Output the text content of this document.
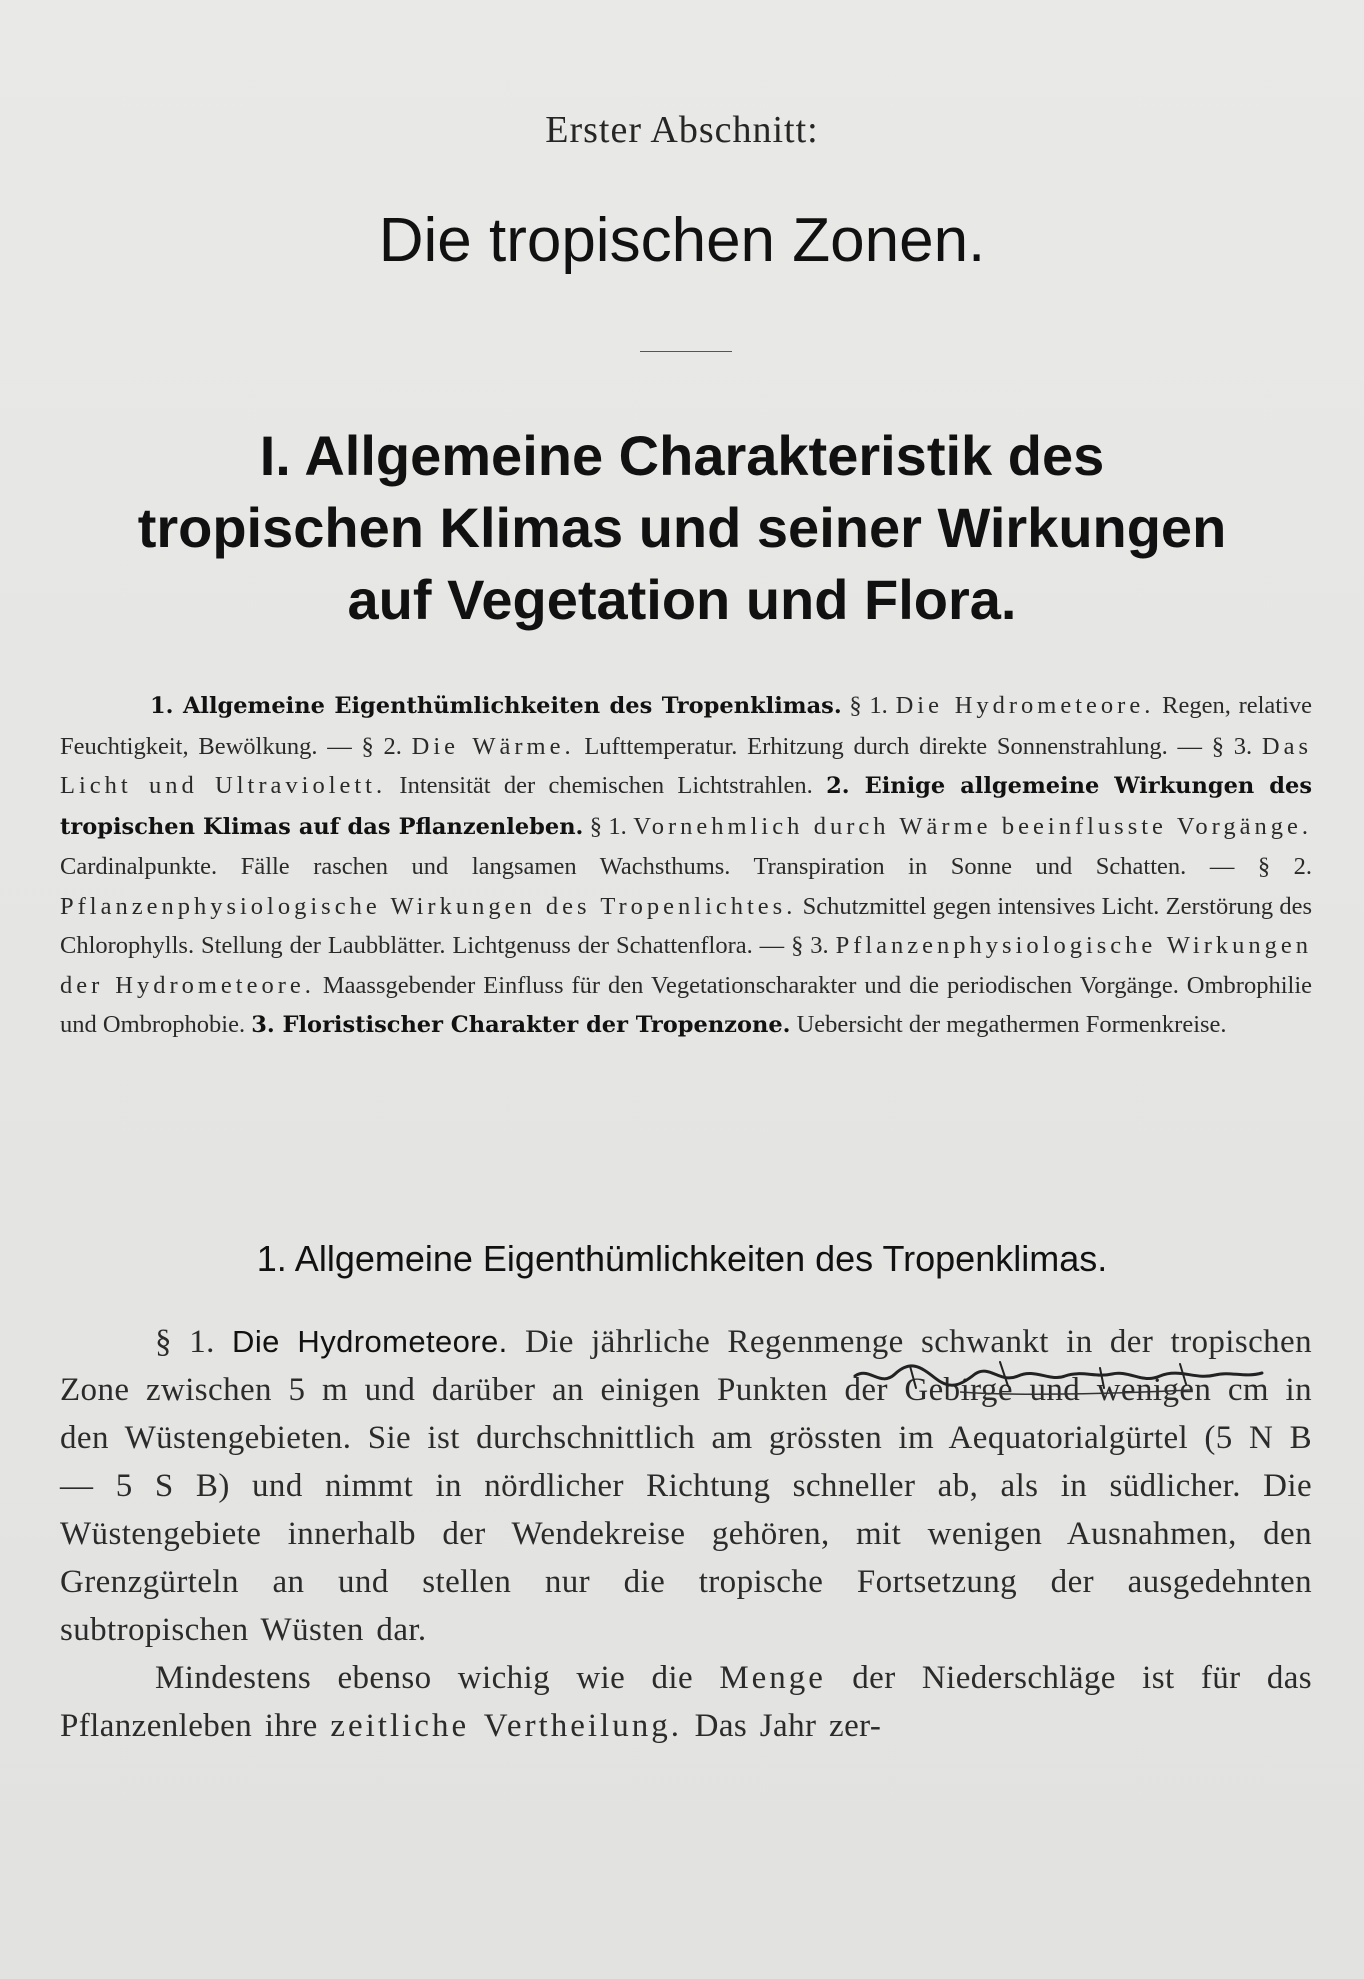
Erster Abschnitt:
Die tropischen Zonen.
I. Allgemeine Charakteristik des
tropischen Klimas und seiner Wirkungen
auf Vegetation und Flora.
1. Allgemeine Eigenthümlichkeiten des Tropenklimas. § 1. Die Hydrometeore. Regen, relative Feuchtigkeit, Bewölkung. — § 2. Die Wärme. Lufttemperatur. Erhitzung durch direkte Sonnenstrahlung. — § 3. Das Licht und Ultraviolett. Intensität der chemischen Lichtstrahlen. 2. Einige allgemeine Wirkungen des tropischen Klimas auf das Pflanzenleben. § 1. Vornehmlich durch Wärme beeinflusste Vorgänge. Cardinalpunkte. Fälle raschen und langsamen Wachsthums. Transpiration in Sonne und Schatten. — § 2. Pflanzenphysiologische Wirkungen des Tropenlichtes. Schutzmittel gegen intensives Licht. Zerstörung des Chlorophylls. Stellung der Laubblätter. Lichtgenuss der Schattenflora. — § 3. Pflanzenphysiologische Wirkungen der Hydrometeore. Maassgebender Einfluss für den Vegetationscharakter und die periodischen Vorgänge. Ombrophilie und Ombrophobie. 3. Floristischer Charakter der Tropenzone. Uebersicht der megathermen Formenkreise.
1. Allgemeine Eigenthümlichkeiten des Tropenklimas.

§ 1. Die Hydrometeore. Die jährliche Regenmenge schwankt in der tropischen Zone zwischen 5 m und darüber an einigen Punkten der Gebirge und wenigen cm in den Wüstengebieten. Sie ist durchschnittlich am grössten im Aequatorialgürtel (5 N B — 5 S B) und nimmt in nördlicher Richtung schneller ab, als in südlicher. Die Wüstengebiete innerhalb der Wendekreise gehören, mit wenigen Ausnahmen, den Grenzgürteln an und stellen nur die tropische Fortsetzung der ausgedehnten subtropischen Wüsten dar.

Mindestens ebenso wichig wie die Menge der Niederschläge ist für das Pflanzenleben ihre zeitliche Vertheilung. Das Jahr zer-
